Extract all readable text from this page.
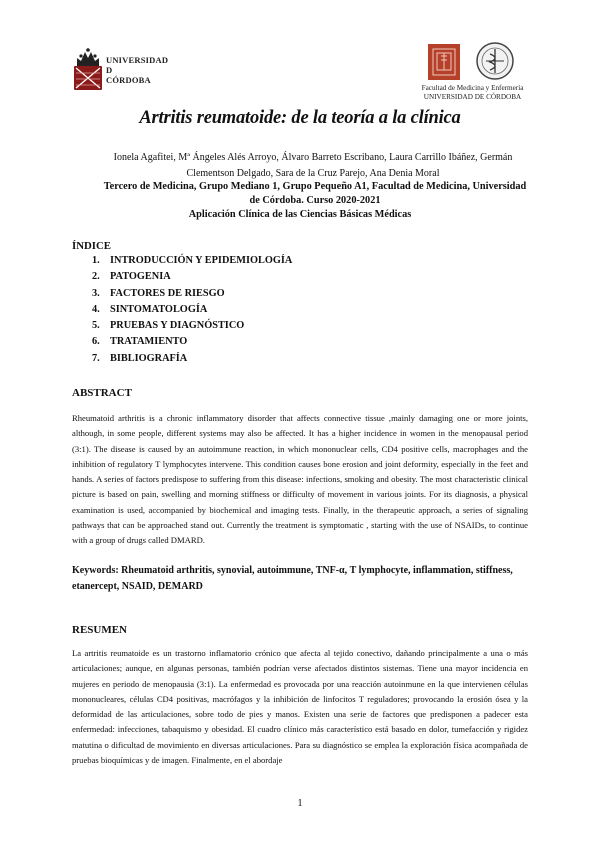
UNIVERSIDAD
D
CÓRDOBA
Facultad de Medicina y Enfermería
UNIVERSIDAD DE CÓRDOBA
Artritis reumatoide: de la teoría a la clínica
Ionela Agafitei, Mª Ángeles Alés Arroyo, Álvaro Barreto Escribano, Laura Carrillo Ibáñez, Germán
Clementson Delgado, Sara de la Cruz Parejo, Ana Denia Moral
Tercero de Medicina, Grupo Mediano 1, Grupo Pequeño A1, Facultad de Medicina, Universidad de Córdoba. Curso 2020-2021
Aplicación Clínica de las Ciencias Básicas Médicas
ÍNDICE
1. INTRODUCCIÓN Y EPIDEMIOLOGÍA
2. PATOGENIA
3. FACTORES DE RIESGO
4. SINTOMATOLOGÍA
5. PRUEBAS Y DIAGNÓSTICO
6. TRATAMIENTO
7. BIBLIOGRAFÍA
ABSTRACT
Rheumatoid arthritis is a chronic inflammatory disorder that affects connective tissue ,mainly damaging one or more joints, although, in some people, different systems may also be affected. It has a higher incidence in women in the menopausal period (3:1). The disease is caused by an autoimmune reaction, in which mononuclear cells, CD4 positive cells, macrophages and the inhibition of regulatory T lymphocytes intervene. This condition causes bone erosion and joint deformity, especially in the feet and hands. A series of factors predispose to suffering from this disease: infections, smoking and obesity. The most characteristic clinical picture is based on pain, swelling and morning stiffness or difficulty of movement in various joints. For its diagnosis, a physical examination is used, accompanied by biochemical and imaging tests. Finally, in the therapeutic approach, a series of signaling pathways that can be approached stand out. Currently the treatment is symptomatic , starting with the use of NSAIDs, to continue with a group of drugs called DMARD.
Keywords: Rheumatoid arthritis, synovial, autoimmune, TNF-α, T lymphocyte, inflammation, stiffness, etanercept, NSAID, DEMARD
RESUMEN
La artritis reumatoide es un trastorno inflamatorio crónico que afecta al tejido conectivo, dañando principalmente a una o más articulaciones; aunque, en algunas personas, también podrían verse afectados distintos sistemas. Tiene una mayor incidencia en mujeres en periodo de menopausia (3:1). La enfermedad es provocada por una reacción autoinmune en la que intervienen células mononucleares, células CD4 positivas, macrófagos y la inhibición de linfocitos T reguladores; provocando la erosión ósea y la deformidad de las articulaciones, sobre todo de pies y manos. Existen una serie de factores que predisponen a padecer esta enfermedad: infecciones, tabaquismo y obesidad. El cuadro clínico más característico está basado en dolor, tumefacción y rigidez matutina o dificultad de movimiento en diversas articulaciones. Para su diagnóstico se emplea la exploración física acompañada de pruebas bioquímicas y de imagen. Finalmente, en el abordaje
1
